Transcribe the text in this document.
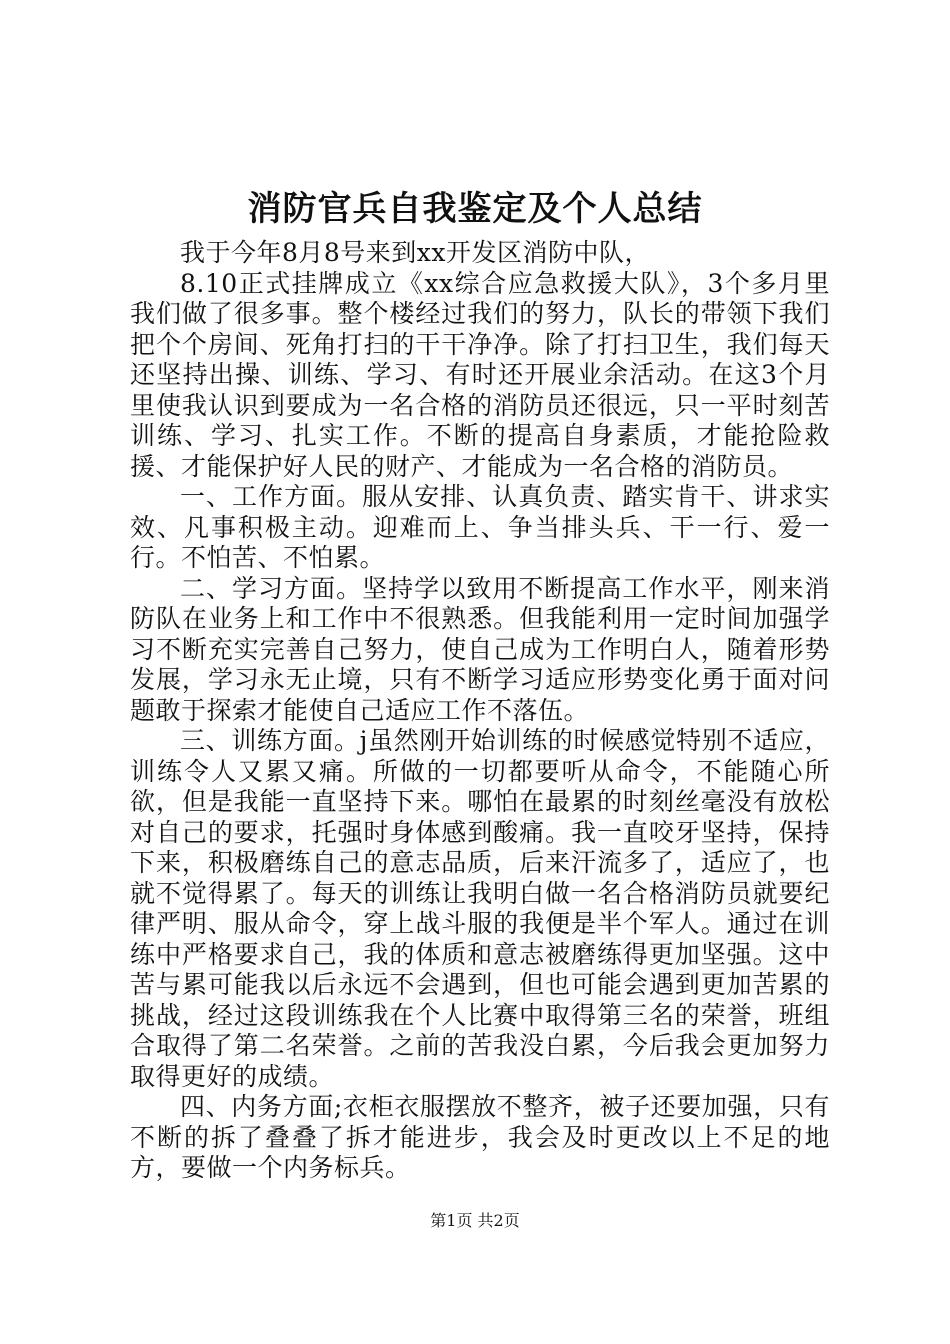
消防官兵自我鉴定及个人总结

我于今年8月8号来到xx开发区消防中队，

8.10正式挂牌成立《xx综合应急救援大队》，3个多月里我们做了很多事。整个楼经过我们的努力，队长的带领下我们把个个房间、死角打扫的干干净净。除了打扫卫生，我们每天还坚持出操、训练、学习、有时还开展业余活动。在这3个月里使我认识到要成为一名合格的消防员还很远，只一平时刻苦训练、学习、扎实工作。不断的提高自身素质，才能抢险救援、才能保护好人民的财产、才能成为一名合格的消防员。

一、工作方面。服从安排、认真负责、踏实肯干、讲求实效、凡事积极主动。迎难而上、争当排头兵、干一行、爱一行。不怕苦、不怕累。

二、学习方面。坚持学以致用不断提高工作水平，刚来消防队在业务上和工作中不很熟悉。但我能利用一定时间加强学习不断充实完善自己努力，使自己成为工作明白人，随着形势发展，学习永无止境，只有不断学习适应形势变化勇于面对问题敢于探索才能使自己适应工作不落伍。

三、训练方面。j虽然刚开始训练的时候感觉特别不适应，训练令人又累又痛。所做的一切都要听从命令，不能随心所欲，但是我能一直坚持下来。哪怕在最累的时刻丝毫没有放松对自己的要求，托强时身体感到酸痛。我一直咬牙坚持，保持下来，积极磨练自己的意志品质，后来汗流多了，适应了，也就不觉得累了。每天的训练让我明白做一名合格消防员就要纪律严明、服从命令，穿上战斗服的我便是半个军人。通过在训练中严格要求自己，我的体质和意志被磨练得更加坚强。这中苦与累可能我以后永远不会遇到，但也可能会遇到更加苦累的挑战，经过这段训练我在个人比赛中取得第三名的荣誉，班组合取得了第二名荣誉。之前的苦我没白累，今后我会更加努力取得更好的成绩。

四、内务方面;衣柜衣服摆放不整齐，被子还要加强，只有不断的拆了叠叠了拆才能进步，我会及时更改以上不足的地方，要做一个内务标兵。

第1页 共2页
